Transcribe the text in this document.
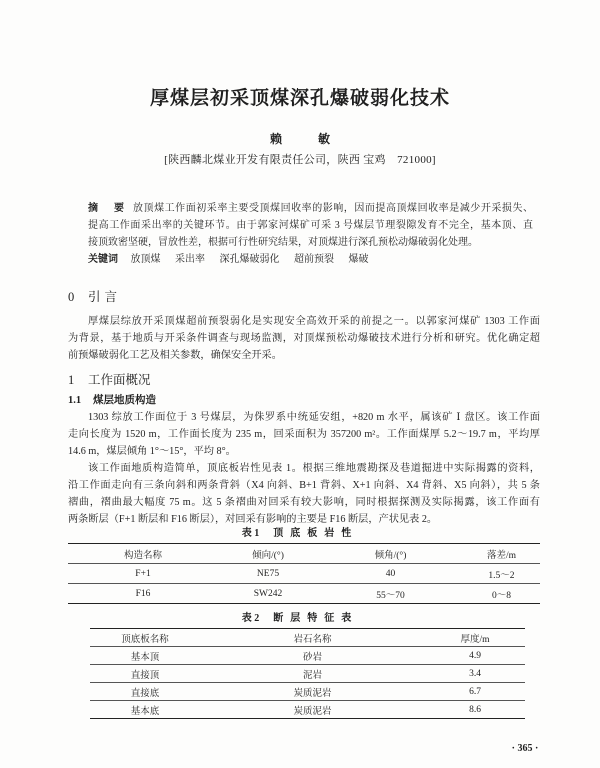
厚煤层初采顶煤深孔爆破弱化技术
赖　敏
[陕西麟北煤业开发有限责任公司，陕西 宝鸡　721000]
摘　要 放顶煤工作面初采率主要受顶煤回收率的影响，因而提高顶煤回收率是减少开采损失、
提高工作面采出率的关键环节。由于郭家河煤矿可采 3 号煤层节理裂隙发育不完全，基本顶、直
接顶致密坚硬，冒放性差，根据可行性研究结果，对顶煤进行深孔预松动爆破弱化处理。
关键词 放顶煤 采出率 深孔爆破弱化 超前预裂 爆破
0 引言
厚煤层综放开采顶煤超前预裂弱化是实现安全高效开采的前提之一。以郭家河煤矿 1303 工作面
为背景，基于地质与开采条件调查与现场监测，对顶煤预松动爆破技术进行分析和研究。优化确定超
前预爆破弱化工艺及相关参数，确保安全开采。
1 工作面概况
1.1 煤层地质构造
1303 综放工作面位于 3 号煤层，为侏罗系中统延安组，+820 m 水平，属该矿 Ⅰ 盘区。该工作面
走向长度为 1520 m，工作面长度为 235 m，回采面积为 357200 m²。工作面煤厚 5.2～19.7 m，平均厚
14.6 m，煤层倾角 1°～15°，平均 8°。
该工作面地质构造简单，顶底板岩性见表 1。根据三维地震勘探及巷道掘进中实际揭露的资料，
沿工作面走向有三条向斜和两条背斜（X4 向斜、B+1 背斜、X+1 向斜、X4 背斜、X5 向斜），共 5 条
褶曲，褶曲最大幅度 75 m。这 5 条褶曲对回采有较大影响，同时根据探测及实际揭露，该工作面有
两条断层（F+1 断层和 F16 断层），对回采有影响的主要是 F16 断层，产状见表 2。
表 1 顶底板岩性
构造名称	倾向/(°)	倾角/(°)	落差/m
F+1	NE75	40	1.5～2
F16	SW242	55～70	0～8
表 2 断层特征表
顶底板名称	岩石名称	厚度/m
基本顶	砂岩	4.9
直接顶	泥岩	3.4
直接底	炭质泥岩	6.7
基本底	炭质泥岩	8.6
· 365 ·
